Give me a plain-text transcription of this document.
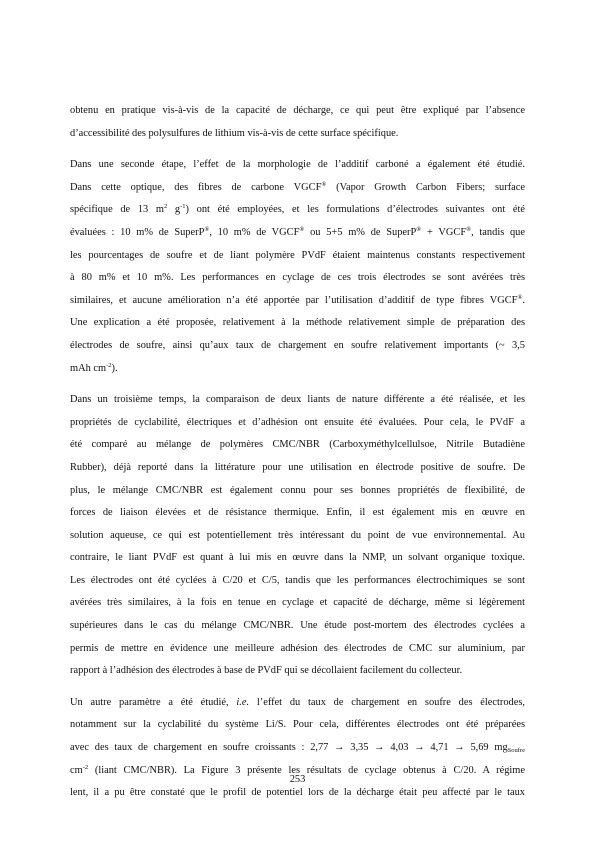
obtenu en pratique vis-à-vis de la capacité de décharge, ce qui peut être expliqué par l’absence
d’accessibilité des polysulfures de lithium vis-à-vis de cette surface spécifique.
Dans une seconde étape, l’effet de la morphologie de l’additif carboné a également été étudié.
Dans cette optique, des fibres de carbone VGCF® (Vapor Growth Carbon Fibers; surface
spécifique de 13 $m^2$ $g^{-1}$) ont été employées, et les formulations d’électrodes suivantes ont été
évaluées : 10 m% de SuperP®, 10 m% de VGCF® ou 5+5 m% de SuperP® + VGCF®, tandis que
les pourcentages de soufre et de liant polymère PVdF étaient maintenus constants respectivement
à 80 m% et 10 m%. Les performances en cyclage de ces trois électrodes se sont avérées très
similaires, et aucune amélioration n’a été apportée par l’utilisation d’additif de type fibres VGCF®.
Une explication a été proposée, relativement à la méthode relativement simple de préparation des
électrodes de soufre, ainsi qu’aux taux de chargement en soufre relativement importants (~ 3,5
mAh $cm^{-2}$).
Dans un troisième temps, la comparaison de deux liants de nature différente a été réalisée, et les
propriétés de cyclabilité, électriques et d’adhésion ont ensuite été évaluées. Pour cela, le PVdF a
été comparé au mélange de polymères CMC/NBR (Carboxyméthylcellulsoe, Nitrile Butadiène
Rubber), déjà reporté dans la littérature pour une utilisation en électrode positive de soufre. De
plus, le mélange CMC/NBR est également connu pour ses bonnes propriétés de flexibilité, de
forces de liaison élevées et de résistance thermique. Enfin, il est également mis en œuvre en
solution aqueuse, ce qui est potentiellement très intéressant du point de vue environnemental. Au
contraire, le liant PVdF est quant à lui mis en œuvre dans la NMP, un solvant organique toxique.
Les électrodes ont été cyclées à C/20 et C/5, tandis que les performances électrochimiques se sont
avérées très similaires, à la fois en tenue en cyclage et capacité de décharge, même si légèrement
supérieures dans le cas du mélange CMC/NBR. Une étude post-mortem des électrodes cyclées a
permis de mettre en évidence une meilleure adhésion des électrodes de CMC sur aluminium, par
rapport à l’adhésion des électrodes à base de PVdF qui se décollaient facilement du collecteur.
Un autre paramètre a été étudié, i.e. l’effet du taux de chargement en soufre des électrodes,
notamment sur la cyclabilité du système Li/S. Pour cela, différentes électrodes ont été préparées
avec des taux de chargement en soufre croissants : 2,77 → 3,35 → 4,03 → 4,71 → 5,69 $mg_{Soufre}$
$cm^{-2}$ (liant CMC/NBR). La Figure 3 présente les résultats de cyclage obtenus à C/20. A régime
lent, il a pu être constaté que le profil de potentiel lors de la décharge était peu affecté par le taux
253
